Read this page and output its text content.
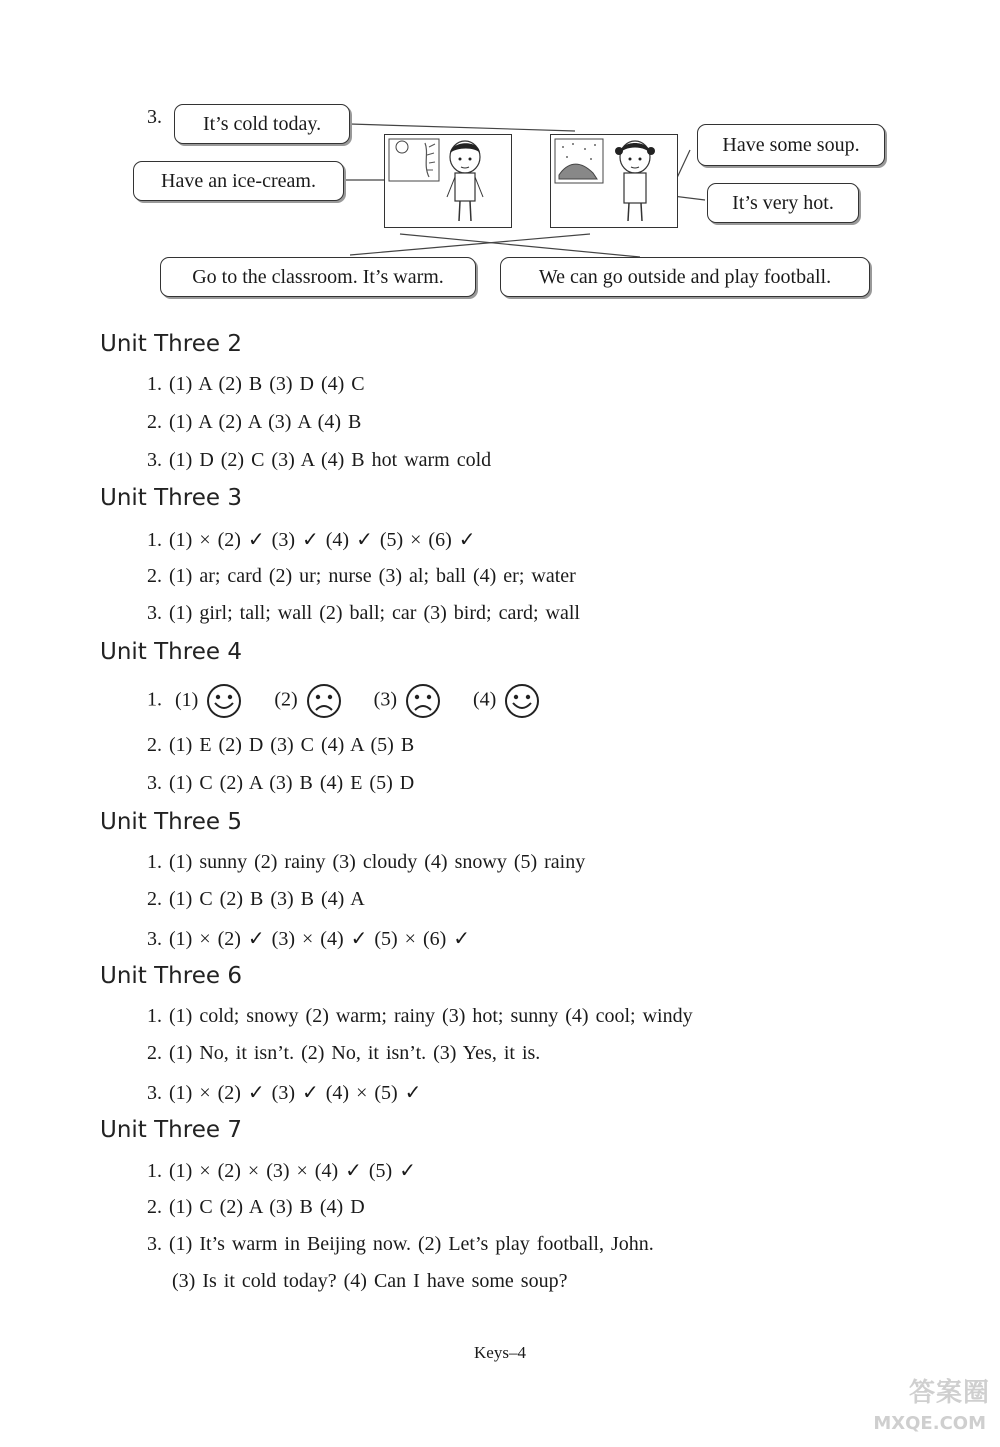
3.	It’s cold today.
Have an ice-cream.
Have some soup.
It’s very hot.
Go to the classroom. It’s warm.	We can go outside and play football.
Unit Three 2
1. (1) A (2) B (3) D (4) C
2. (1) A (2) A (3) A (4) B
3. (1) D (2) C (3) A (4) B hot warm cold
Unit Three 3
1. (1) × (2) ✓ (3) ✓ (4) ✓ (5) × (6) ✓
2. (1) ar; card (2) ur; nurse (3) al; ball (4) er; water
3. (1) girl; tall; wall (2) ball; car (3) bird; card; wall
Unit Three 4
1. (1)	(2)	(3)	(4)
2. (1) E (2) D (3) C (4) A (5) B
3. (1) C (2) A (3) B (4) E (5) D
Unit Three 5
1. (1) sunny (2) rainy (3) cloudy (4) snowy (5) rainy
2. (1) C (2) B (3) B (4) A
3. (1) × (2) ✓ (3) × (4) ✓ (5) × (6) ✓
Unit Three 6
1. (1) cold; snowy (2) warm; rainy (3) hot; sunny (4) cool; windy
2. (1) No, it isn’t. (2) No, it isn’t. (3) Yes, it is.
3. (1) × (2) ✓ (3) ✓ (4) × (5) ✓
Unit Three 7
1. (1) × (2) × (3) × (4) ✓ (5) ✓
2. (1) C (2) A (3) B (4) D
3. (1) It’s warm in Beijing now. (2) Let’s play football, John.
(3) Is it cold today? (4) Can I have some soup?
Keys–4
答案圈
MXQE.COM
